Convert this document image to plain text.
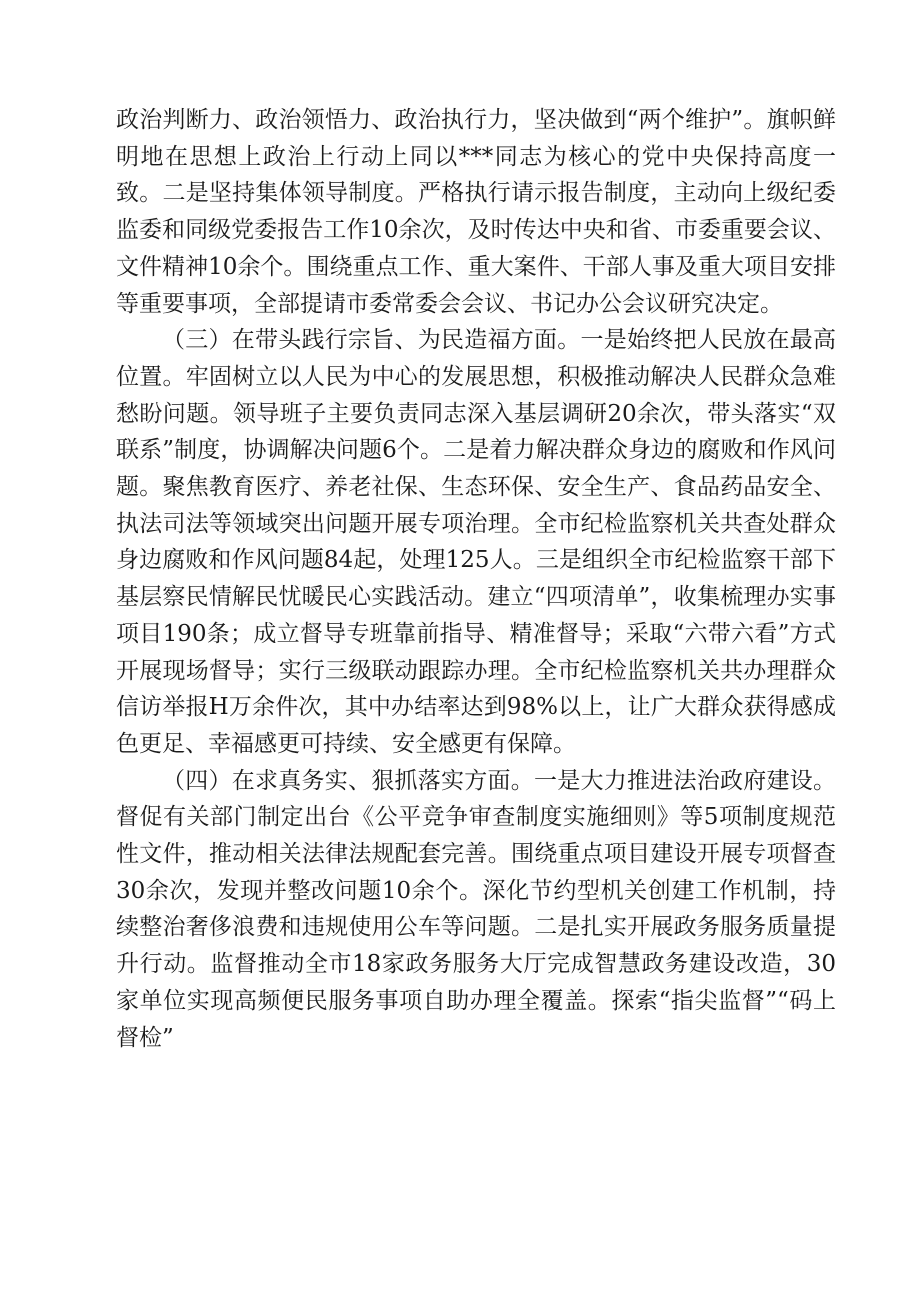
政治判断力、政治领悟力、政治执行力，坚决做到“两个维护”。旗帜鲜明地在思想上政治上行动上同以***同志为核心的党中央保持高度一致。二是坚持集体领导制度。严格执行请示报告制度，主动向上级纪委监委和同级党委报告工作10余次，及时传达中央和省、市委重要会议、文件精神10余个。围绕重点工作、重大案件、干部人事及重大项目安排等重要事项，全部提请市委常委会会议、书记办公会议研究决定。

（三）在带头践行宗旨、为民造福方面。一是始终把人民放在最高位置。牢固树立以人民为中心的发展思想，积极推动解决人民群众急难愁盼问题。领导班子主要负责同志深入基层调研20余次，带头落实“双联系”制度，协调解决问题6个。二是着力解决群众身边的腐败和作风问题。聚焦教育医疗、养老社保、生态环保、安全生产、食品药品安全、执法司法等领域突出问题开展专项治理。全市纪检监察机关共查处群众身边腐败和作风问题84起，处理125人。三是组织全市纪检监察干部下基层察民情解民忧暖民心实践活动。建立“四项清单”，收集梳理办实事项目190条；成立督导专班靠前指导、精准督导；采取“六带六看”方式开展现场督导；实行三级联动跟踪办理。全市纪检监察机关共办理群众信访举报H万余件次，其中办结率达到98%以上，让广大群众获得感成色更足、幸福感更可持续、安全感更有保障。

（四）在求真务实、狠抓落实方面。一是大力推进法治政府建设。督促有关部门制定出台《公平竞争审查制度实施细则》等5项制度规范性文件，推动相关法律法规配套完善。围绕重点项目建设开展专项督查30余次，发现并整改问题10余个。深化节约型机关创建工作机制，持续整治奢侈浪费和违规使用公车等问题。二是扎实开展政务服务质量提升行动。监督推动全市18家政务服务大厅完成智慧政务建设改造，30家单位实现高频便民服务事项自助办理全覆盖。探索“指尖监督”“码上督检”
